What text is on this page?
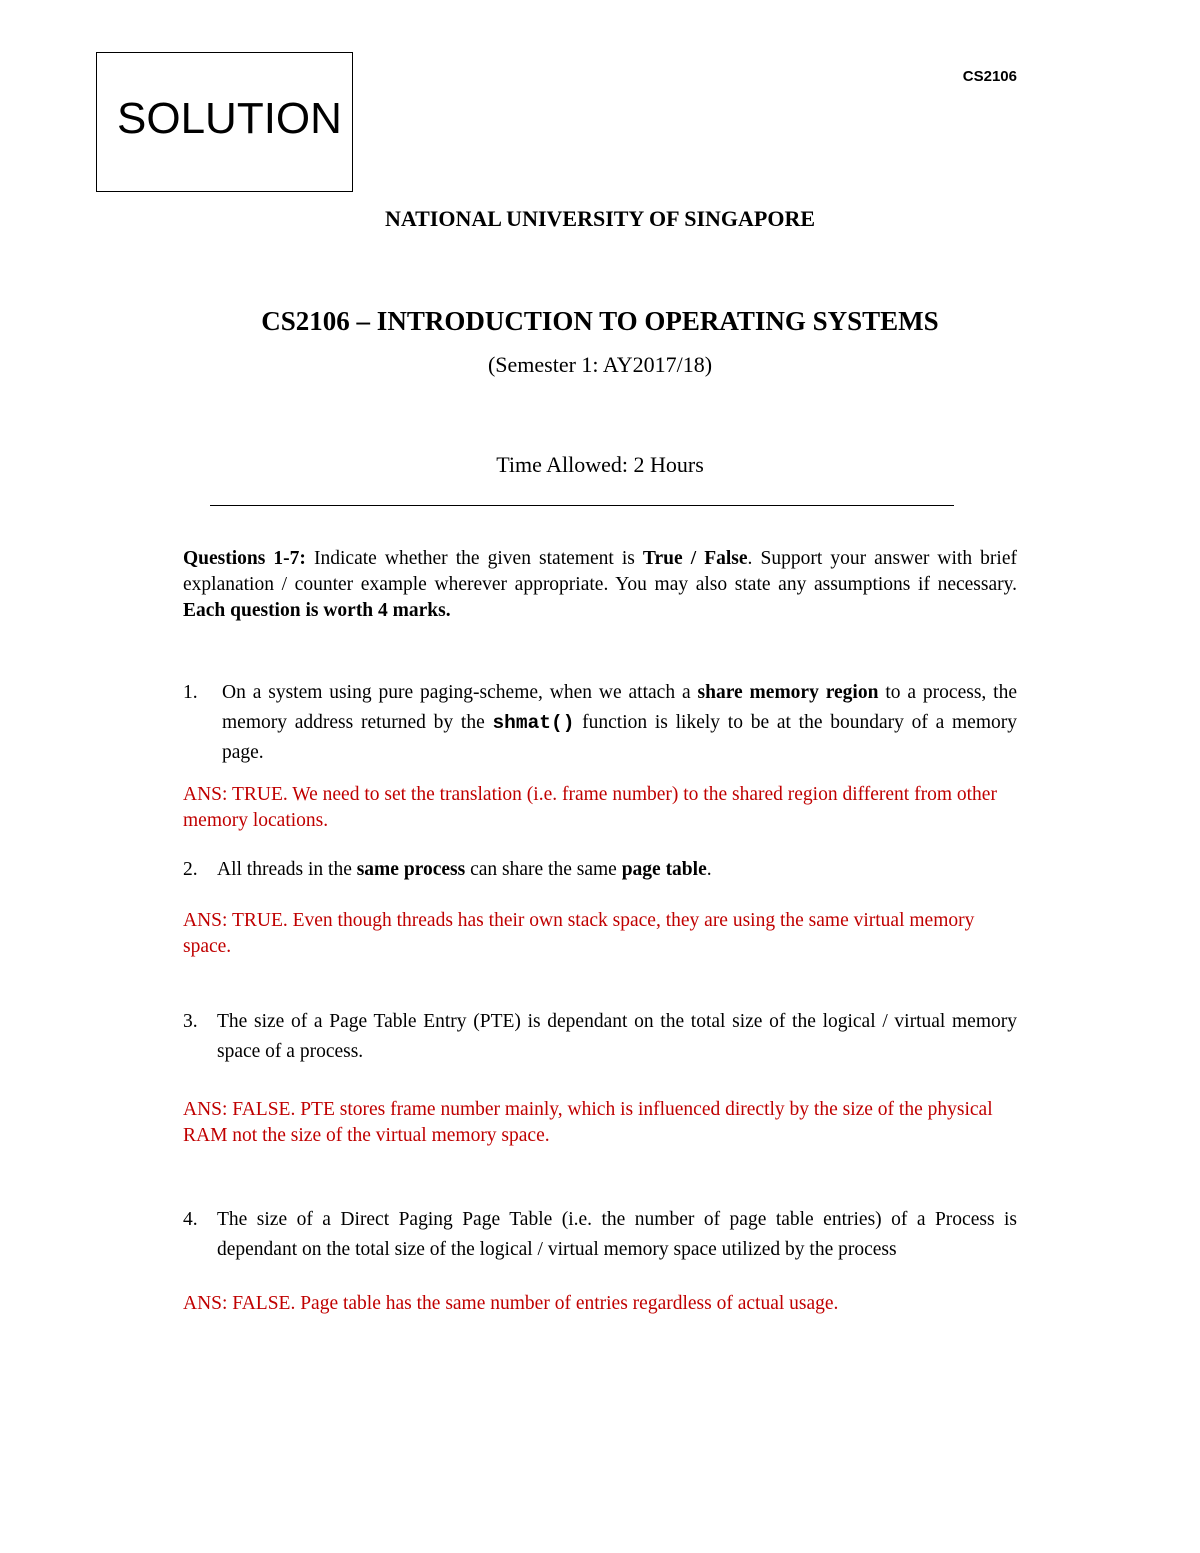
SOLUTION
CS2106
NATIONAL UNIVERSITY OF SINGAPORE
CS2106 – INTRODUCTION TO OPERATING SYSTEMS
(Semester 1: AY2017/18)
Time Allowed: 2 Hours
Questions 1-7: Indicate whether the given statement is True / False. Support your answer with brief explanation / counter example wherever appropriate. You may also state any assumptions if necessary. Each question is worth 4 marks.
1. On a system using pure paging-scheme, when we attach a share memory region to a process, the memory address returned by the shmat() function is likely to be at the boundary of a memory page.
ANS: TRUE. We need to set the translation (i.e. frame number) to the shared region different from other memory locations.
2. All threads in the same process can share the same page table.
ANS: TRUE. Even though threads has their own stack space, they are using the same virtual memory space.
3. The size of a Page Table Entry (PTE) is dependant on the total size of the logical / virtual memory space of a process.
ANS: FALSE. PTE stores frame number mainly, which is influenced directly by the size of the physical RAM not the size of the virtual memory space.
4. The size of a Direct Paging Page Table (i.e. the number of page table entries) of a Process is dependant on the total size of the logical / virtual memory space utilized by the process
ANS: FALSE. Page table has the same number of entries regardless of actual usage.
